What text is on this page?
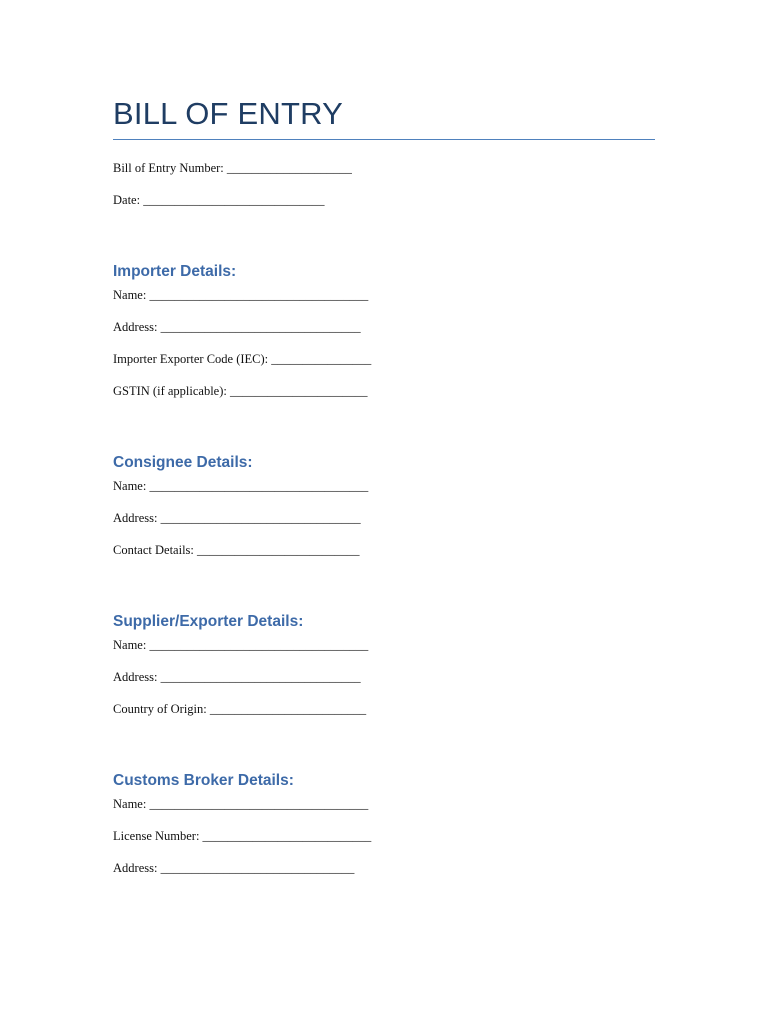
BILL OF ENTRY
Bill of Entry Number: ____________________
Date: _____________________________
Importer Details:
Name: ___________________________________
Address: ________________________________
Importer Exporter Code (IEC): ________________
GSTIN (if applicable): ______________________
Consignee Details:
Name: ___________________________________
Address: ________________________________
Contact Details: __________________________
Supplier/Exporter Details:
Name: ___________________________________
Address: ________________________________
Country of Origin: _________________________
Customs Broker Details:
Name: ___________________________________
License Number: ___________________________
Address: _______________________________
